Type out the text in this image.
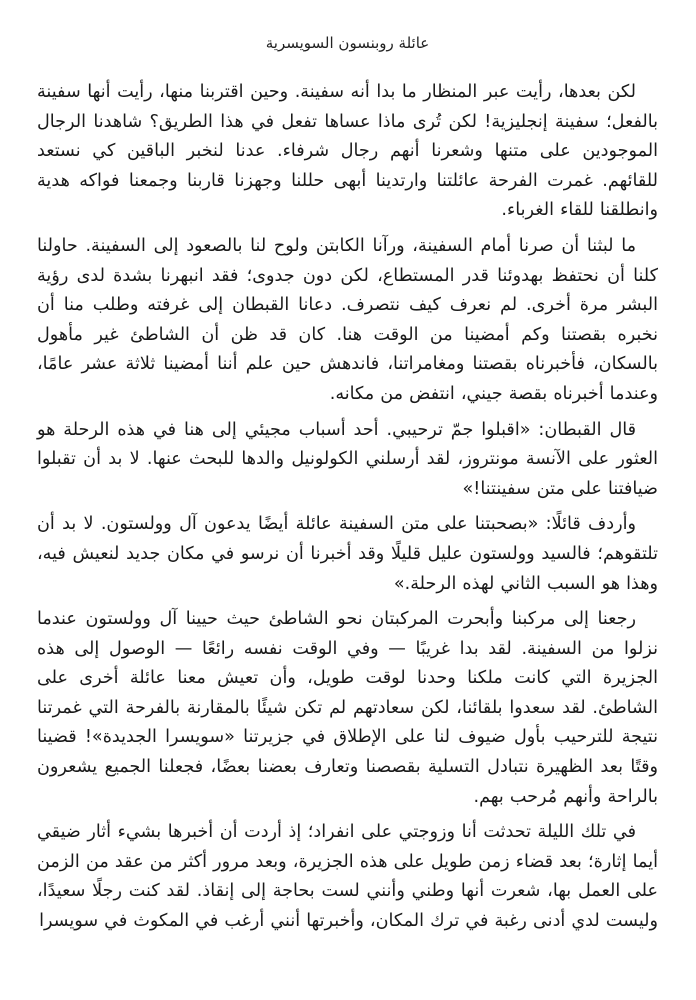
عائلة روبنسون السويسرية

لكن بعدها، رأيت عبر المنظار ما بدا أنه سفينة. وحين اقتربنا منها، رأيت أنها سفينة بالفعل؛ سفينة إنجليزية! لكن تُرى ماذا عساها تفعل في هذا الطريق؟ شاهدنا الرجال الموجودين على متنها وشعرنا أنهم رجال شرفاء. عدنا لنخبر الباقين كي نستعد للقائهم. غمرت الفرحة عائلتنا وارتدينا أبهى حللنا وجهزنا قاربنا وجمعنا فواكه هدية وانطلقنا للقاء الغرباء.

ما لبثنا أن صرنا أمام السفينة، ورآنا الكابتن ولوح لنا بالصعود إلى السفينة. حاولنا كلنا أن نحتفظ بهدوئنا قدر المستطاع، لكن دون جدوى؛ فقد انبهرنا بشدة لدى رؤية البشر مرة أخرى. لم نعرف كيف نتصرف. دعانا القبطان إلى غرفته وطلب منا أن نخبره بقصتنا وكم أمضينا من الوقت هنا. كان قد ظن أن الشاطئ غير مأهول بالسكان، فأخبرناه بقصتنا ومغامراتنا، فاندهش حين علم أننا أمضينا ثلاثة عشر عامًا، وعندما أخبرناه بقصة جيني، انتفض من مكانه.

قال القبطان: «اقبلوا جمّ ترحيبي. أحد أسباب مجيئي إلى هنا في هذه الرحلة هو العثور على الآنسة مونتروز، لقد أرسلني الكولونيل والدها للبحث عنها. لا بد أن تقبلوا ضيافتنا على متن سفينتنا!»

وأردف قائلًا: «بصحبتنا على متن السفينة عائلة أيضًا يدعون آل وولستون. لا بد أن تلتقوهم؛ فالسيد وولستون عليل قليلًا وقد أخبرنا أن نرسو في مكان جديد لنعيش فيه، وهذا هو السبب الثاني لهذه الرحلة.»

رجعنا إلى مركبنا وأبحرت المركبتان نحو الشاطئ حيث حيينا آل وولستون عندما نزلوا من السفينة. لقد بدا غريبًا — وفي الوقت نفسه رائعًا — الوصول إلى هذه الجزيرة التي كانت ملكنا وحدنا لوقت طويل، وأن تعيش معنا عائلة أخرى على الشاطئ. لقد سعدوا بلقائنا، لكن سعادتهم لم تكن شيئًا بالمقارنة بالفرحة التي غمرتنا نتيجة للترحيب بأول ضيوف لنا على الإطلاق في جزيرتنا «سويسرا الجديدة»! قضينا وقتًا بعد الظهيرة نتبادل التسلية بقصصنا وتعارف بعضنا بعضًا، فجعلنا الجميع يشعرون بالراحة وأنهم مُرحب بهم.

في تلك الليلة تحدثت أنا وزوجتي على انفراد؛ إذ أردت أن أخبرها بشيء أثار ضيقي أيما إثارة؛ بعد قضاء زمن طويل على هذه الجزيرة، وبعد مرور أكثر من عقد من الزمن على العمل بها، شعرت أنها وطني وأنني لست بحاجة إلى إنقاذ. لقد كنت رجلًا سعيدًا، وليست لدي أدنى رغبة في ترك المكان، وأخبرتها أنني أرغب في المكوث في سويسرا
